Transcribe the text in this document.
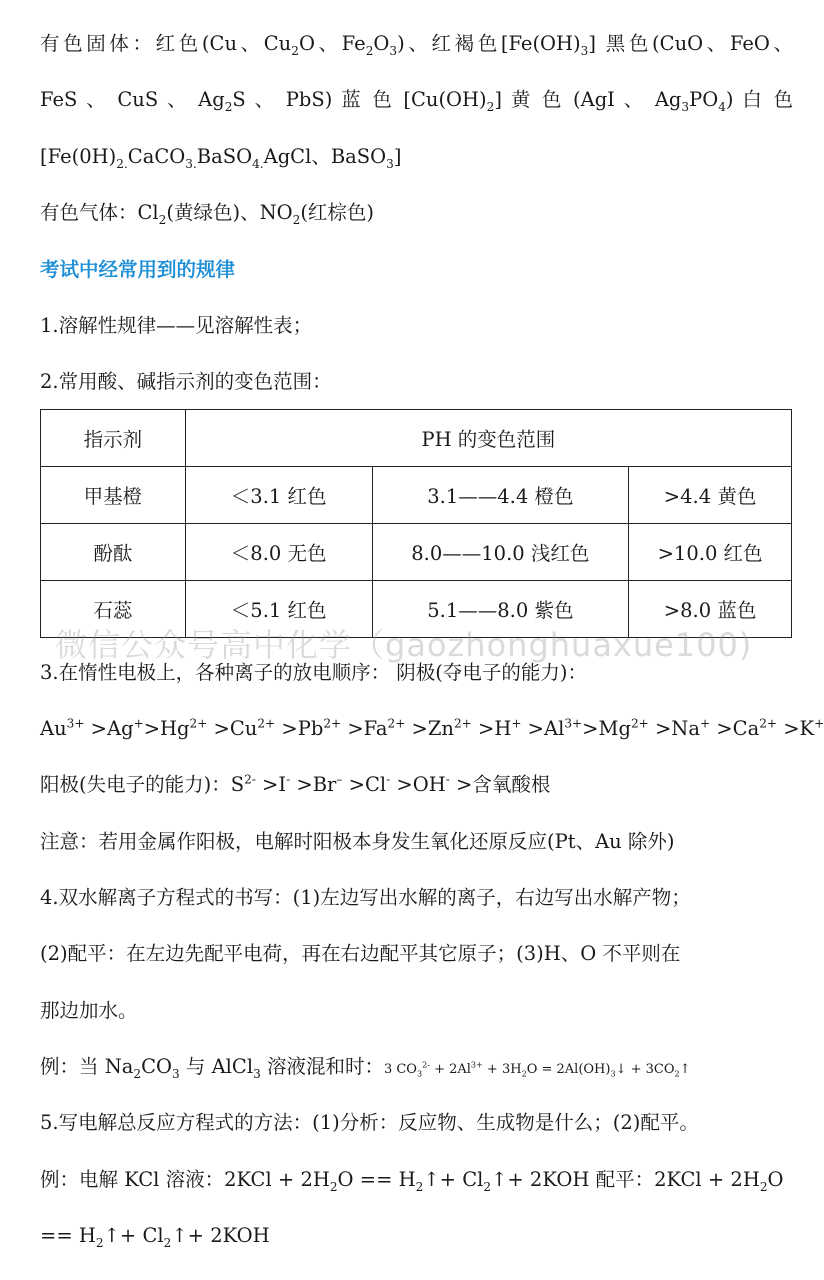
有色固体：红色(Cu、$Cu_2O$、$Fe_2O_3$)、红褐色$[Fe(OH)_3]$ 黑色(CuO、FeO、
FeS 、 CuS 、 $Ag_2S$ 、 PbS) 蓝 色 $[Cu(OH)_2]$ 黄 色 (AgI 、 $Ag_3PO_4$) 白 色
[$Fe(0H)_{2.}CaCO_{3.}BaSO_{4.}AgCl$、BaSO$_3$]
有色气体：$Cl_2$(黄绿色)、$NO_2$(红棕色)
考试中经常用到的规律
1.溶解性规律——见溶解性表；
2.常用酸、碱指示剂的变色范围：
指示剂	PH 的变色范围		
甲基橙	＜3.1 红色	3.1——4.4 橙色	>4.4 黄色
酚酞	＜8.0 无色	8.0——10.0 浅红色	>10.0 红色
石蕊	＜5.1 红色	5.1——8.0 紫色	>8.0 蓝色
微信公众号高中化学（gaozhonghuaxue100)
3.在惰性电极上，各种离子的放电顺序： 阴极(夺电子的能力)：
$Au^{3+} >Ag^+>Hg^{2+} >Cu^{2+} >Pb^{2+} >Fa^{2+} >Zn^{2+} >H^+ >Al^{3+}>Mg^{2+} >Na^+ >Ca^{2+} >K^+$
阳极(失电子的能力)：$S^{2-} >I^- >Br^- >Cl^- >OH^-$ >含氧酸根
注意：若用金属作阳极，电解时阳极本身发生氧化还原反应(Pt、Au 除外)
4.双水解离子方程式的书写：(1)左边写出水解的离子，右边写出水解产物；
(2)配平：在左边先配平电荷，再在右边配平其它原子；(3)H、O 不平则在
那边加水。
例：当 $Na_2CO_3$ 与 AlCl$_3$ 溶液混和时：3 $CO_3^{2-} + 2Al^{3+} + 3H_2O$ = $2Al(OH)_3↓$ + $3CO_2↑$
5.写电解总反应方程式的方法：(1)分析：反应物、生成物是什么；(2)配平。
例：电解 KCl 溶液：$2KCl + 2H_2O$ == $H_2↑+$ $Cl_2↑+ 2KOH$ 配平：$2KCl + 2H_2O$
== $H_2↑+$ $Cl_2↑+ 2KOH$
